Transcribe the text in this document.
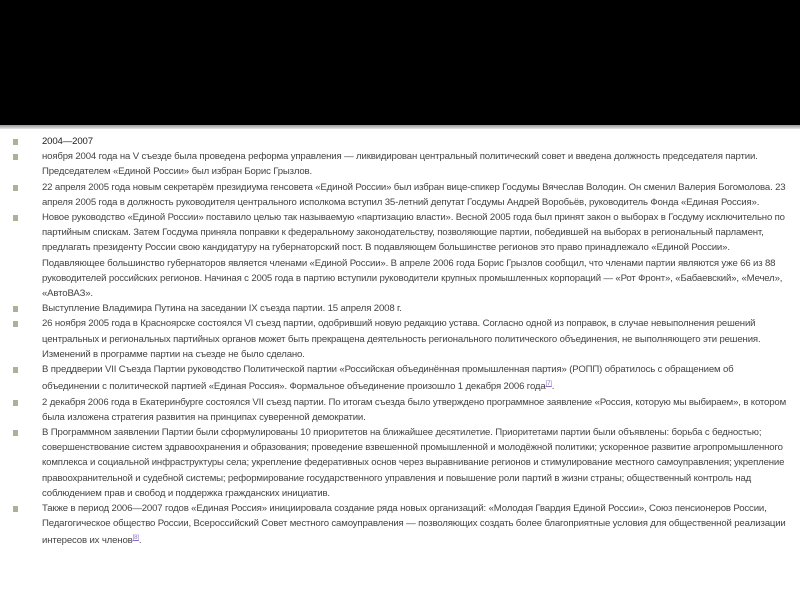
2004—2007
ноября 2004 года на V съезде была проведена реформа управления — ликвидирован центральный политический совет и введена должность председателя партии. Председателем «Единой России» был избран Борис Грызлов.
22 апреля 2005 года новым секретарём президиума генсовета «Единой России» был избран вице-спикер Госдумы Вячеслав Володин. Он сменил Валерия Богомолова. 23 апреля 2005 года в должность руководителя центрального исполкома вступил 35-летний депутат Госдумы Андрей Воробьёв, руководитель Фонда «Единая Россия».
Новое руководство «Единой России» поставило целью так называемую «партизацию власти». Весной 2005 года был принят закон о выборах в Госдуму исключительно по партийным спискам. Затем Госдума приняла поправки к федеральному законодательству, позволяющие партии, победившей на выборах в региональный парламент, предлагать президенту России свою кандидатуру на губернаторский пост. В подавляющем большинстве регионов это право принадлежало «Единой России». Подавляющее большинство губернаторов является членами «Единой России». В апреле 2006 года Борис Грызлов сообщил, что членами партии являются уже 66 из 88 руководителей российских регионов. Начиная с 2005 года в партию вступили руководители крупных промышленных корпораций — «Рот Фронт», «Бабаевский», «Мечел», «АвтоВАЗ».
Выступление Владимира Путина на заседании IX съезда партии. 15 апреля 2008 г.
26 ноября 2005 года в Красноярске состоялся VI съезд партии, одобривший новую редакцию устава. Согласно одной из поправок, в случае невыполнения решений центральных и региональных партийных органов может быть прекращена деятельность регионального политического объединения, не выполняющего эти решения. Изменений в программе партии на съезде не было сделано.
В преддверии VII Съезда Партии руководство Политической партии «Российская объединённая промышленная партия» (РОПП) обратилось с обращением об объединении с политической партией «Единая Россия». Формальное объединение произошло 1 декабря 2006 года[7].
2 декабря 2006 года в Екатеринбурге состоялся VII съезд партии. По итогам съезда было утверждено программное заявление «Россия, которую мы выбираем», в котором была изложена стратегия развития на принципах суверенной демократии.
В Программном заявлении Партии были сформулированы 10 приоритетов на ближайшее десятилетие. Приоритетами партии были объявлены: борьба с бедностью; совершенствование систем здравоохранения и образования; проведение взвешенной промышленной и молодёжной политики; ускоренное развитие агропромышленного комплекса и социальной инфраструктуры села; укрепление федеративных основ через выравнивание регионов и стимулирование местного самоуправления; укрепление правоохранительной и судебной системы; реформирование государственного управления и повышение роли партий в жизни страны; общественный контроль над соблюдением прав и свобод и поддержка гражданских инициатив.
Также в период 2006—2007 годов «Единая Россия» инициировала создание ряда новых организаций: «Молодая Гвардия Единой России», Союз пенсионеров России, Педагогическое общество России, Всероссийский Совет местного самоуправления — позволяющих создать более благоприятные условия для общественной реализации интересов их членов[8].
